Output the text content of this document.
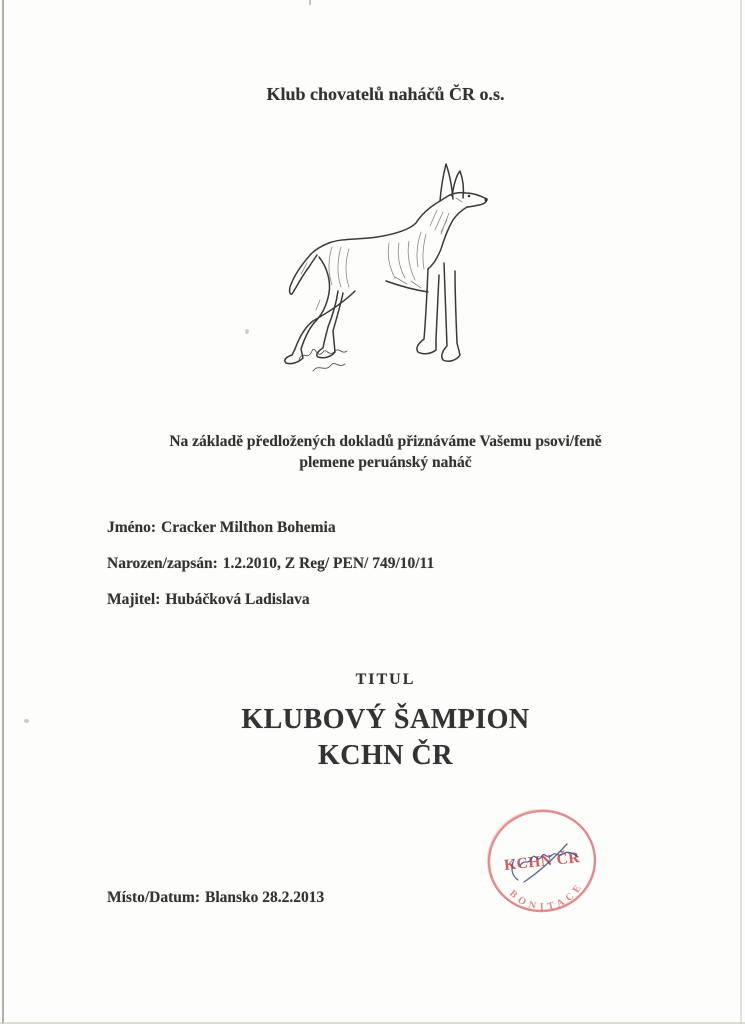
Klub chovatelů naháčů ČR o.s.
Na základě předložených dokladů přiznáváme Vašemu psovi/feně
plemene peruánský naháč
Jméno: Cracker Milthon Bohemia
Narozen/zapsán: 1.2.2010, Z Reg/ PEN/ 749/10/11
Majitel: Hubáčková Ladislava
TITUL
KLUBOVÝ ŠAMPION
KCHN ČR
KCHN ČR
BONITACE
Místo/Datum: Blansko 28.2.2013
